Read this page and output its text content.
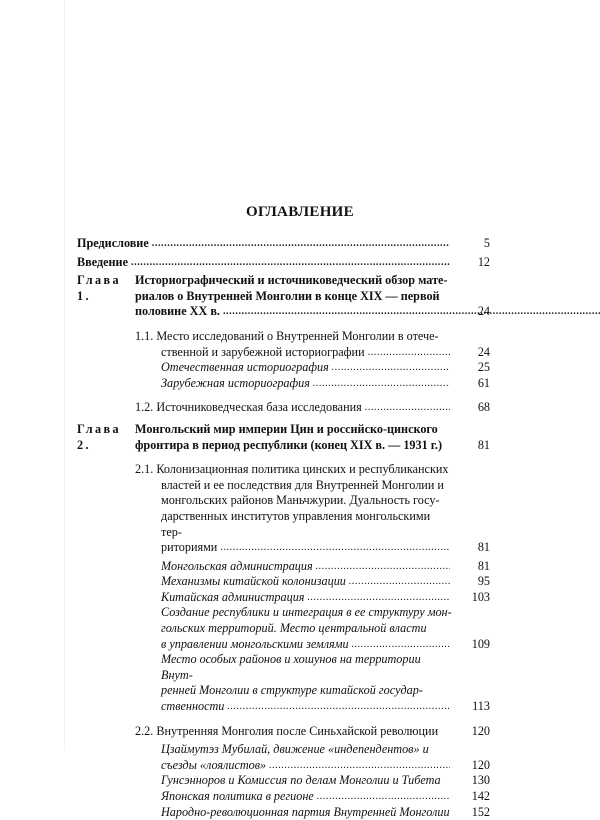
ОГЛАВЛЕНИЕ
Предисловие .....	5
Введение .....	12
Глава 1.
Историографический и источниковедческий обзор мате-
риалов о Внутренней Монголии в конце XIX — первой
половине XX в. .....	24
1.1. Место исследований о Внутренней Монголии в отече-
ственной и зарубежной историографии .....	24
Отечественная историография .....	25
Зарубежная историография .....	61
1.2. Источниковедческая база исследования .....	68
Глава 2.
Монгольский мир империи Цин и российско-цинского
фронтира в период республики (конец XIX в. — 1931 г.)	81
2.1. Колонизационная политика цинских и республиканских
властей и ее последствия для Внутренней Монголии и
монгольских районов Маньчжурии. Дуальность госу-
дарственных институтов управления монгольскими тер-
риториями .....	81
Монгольская администрация .....	81
Механизмы китайской колонизации .....	95
Китайская администрация .....	103
Создание республики и интеграция в ее структуру мон-
гольских территорий. Место центральной власти
в управлении монгольскими землями .....	109
Место особых районов и хошунов на территории Внут-
ренней Монголии в структуре китайской государ-
ственности .....	113
2.2. Внутренняя Монголия после Синьхайской революции	120
Цзаймутэз Мубилай, движение «индепендентов» и
съезды «лоялистов» .....	120
Гунсэнноров и Комиссия по делам Монголии и Тибета	130
Японская политика в регионе .....	142
Народно-революционная партия Внутренней Монголии	152
